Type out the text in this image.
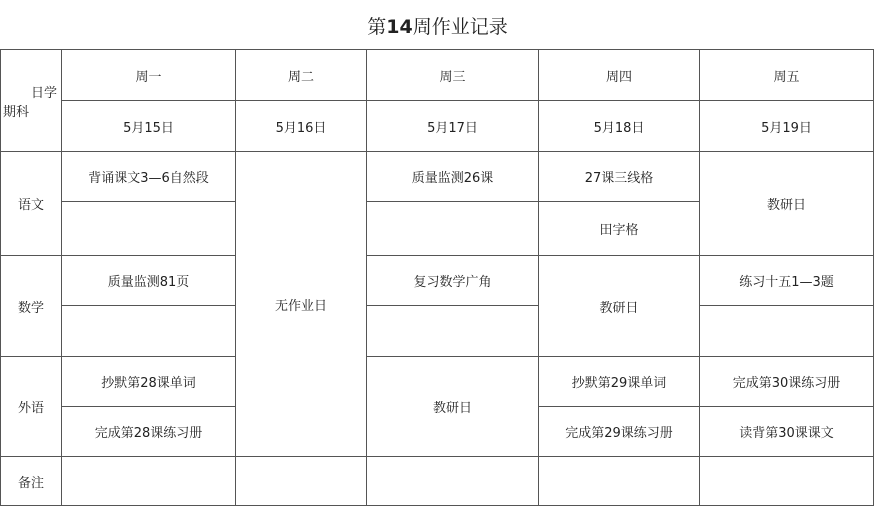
第14周作业记录
日学
期科	周一	周二	周三	周四	周五
	5月15日	5月16日	5月17日	5月18日	5月19日
语文	背诵课文3—6自然段	无作业日	质量监测26课	27课三线格	教研日
				田字格	
数学	质量监测81页		复习数学广角	教研日	练习十五1—3题

外语	抄默第28课单词		教研日	抄默第29课单词	完成第30课练习册
	完成第28课练习册			完成第29课练习册	读背第30课课文
备注					
